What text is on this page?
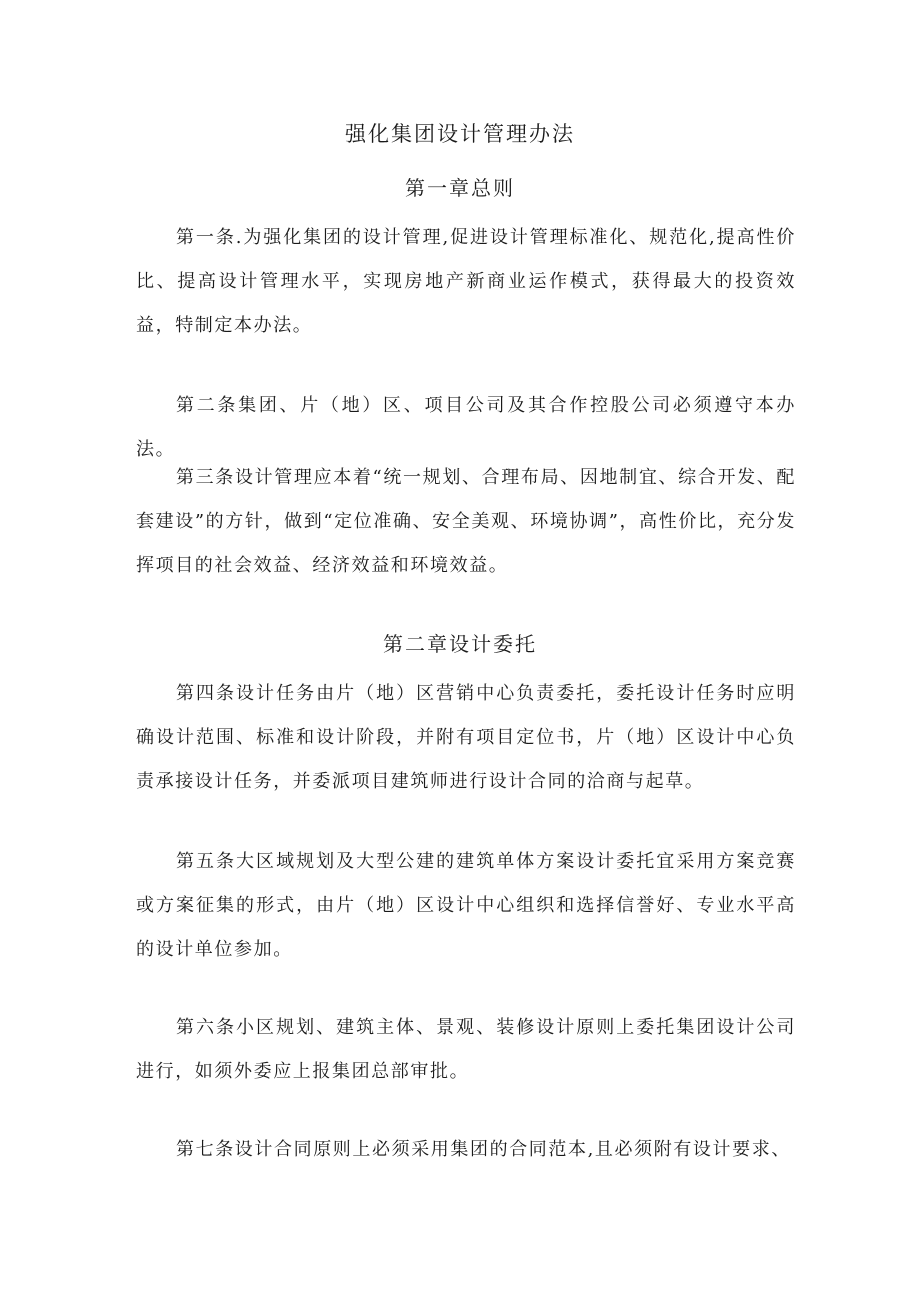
强化集团设计管理办法
第一章总则

第一条.为强化集团的设计管理,促进设计管理标准化、规范化,提高性价比、提高设计管理水平，实现房地产新商业运作模式，获得最大的投资效益，特制定本办法。

第二条集团、片（地）区、项目公司及其合作控股公司必须遵守本办法。

第三条设计管理应本着“统一规划、合理布局、因地制宜、综合开发、配套建设”的方针，做到“定位准确、安全美观、环境协调”，高性价比，充分发挥项目的社会效益、经济效益和环境效益。

第二章设计委托

第四条设计任务由片（地）区营销中心负责委托，委托设计任务时应明确设计范围、标准和设计阶段，并附有项目定位书，片（地）区设计中心负责承接设计任务，并委派项目建筑师进行设计合同的洽商与起草。

第五条大区域规划及大型公建的建筑单体方案设计委托宜采用方案竞赛或方案征集的形式，由片（地）区设计中心组织和选择信誉好、专业水平高的设计单位参加。

第六条小区规划、建筑主体、景观、装修设计原则上委托集团设计公司进行，如须外委应上报集团总部审批。

第七条设计合同原则上必须采用集团的合同范本,且必须附有设计要求、
